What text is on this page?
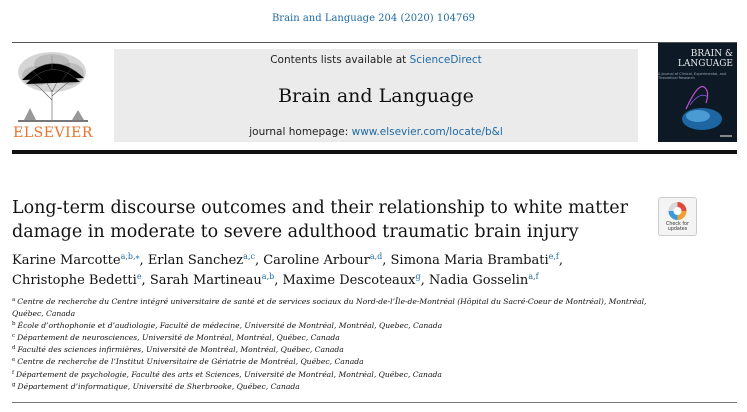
Brain and Language 204 (2020) 104769
ELSEVIER
Contents lists available at ScienceDirect
Brain and Language
journal homepage: www.elsevier.com/locate/b&l
BRAIN & LANGUAGE
A Journal of Clinical, Experimental, and Theoretical Research
Long-term discourse outcomes and their relationship to white matter
damage in moderate to severe adulthood traumatic brain injury	Check for
updates
Karine Marcotte$^{a,b,⁎}$, Erlan Sanchez$^{a,c}$, Caroline Arbour$^{a,d}$, Simona Maria Brambati$^{e,f}$,
Christophe Bedetti$^e$, Sarah Martineau$^{a,b}$, Maxime Descoteaux$^g$, Nadia Gosselin$^{a,f}$
$^a$ Centre de recherche du Centre intégré universitaire de santé et de services sociaux du Nord-de-l’Île-de-Montréal (Hôpital du Sacré-Coeur de Montréal), Montréal, Québec, Canada
$^b$ École d’orthophonie et d’audiologie, Faculté de médecine, Université de Montréal, Montréal, Quebec, Canada
$^c$ Département de neurosciences, Université de Montréal, Montréal, Québec, Canada
$^d$ Faculté des sciences infirmières, Université de Montréal, Montréal, Québec, Canada
$^e$ Centre de recherche de l’Institut Universitaire de Gériatrie de Montréal, Québec, Canada
$^f$ Département de psychologie, Faculté des arts et Sciences, Université de Montréal, Montréal, Québec, Canada
$^g$ Département d’informatique, Université de Sherbrooke, Québec, Canada
